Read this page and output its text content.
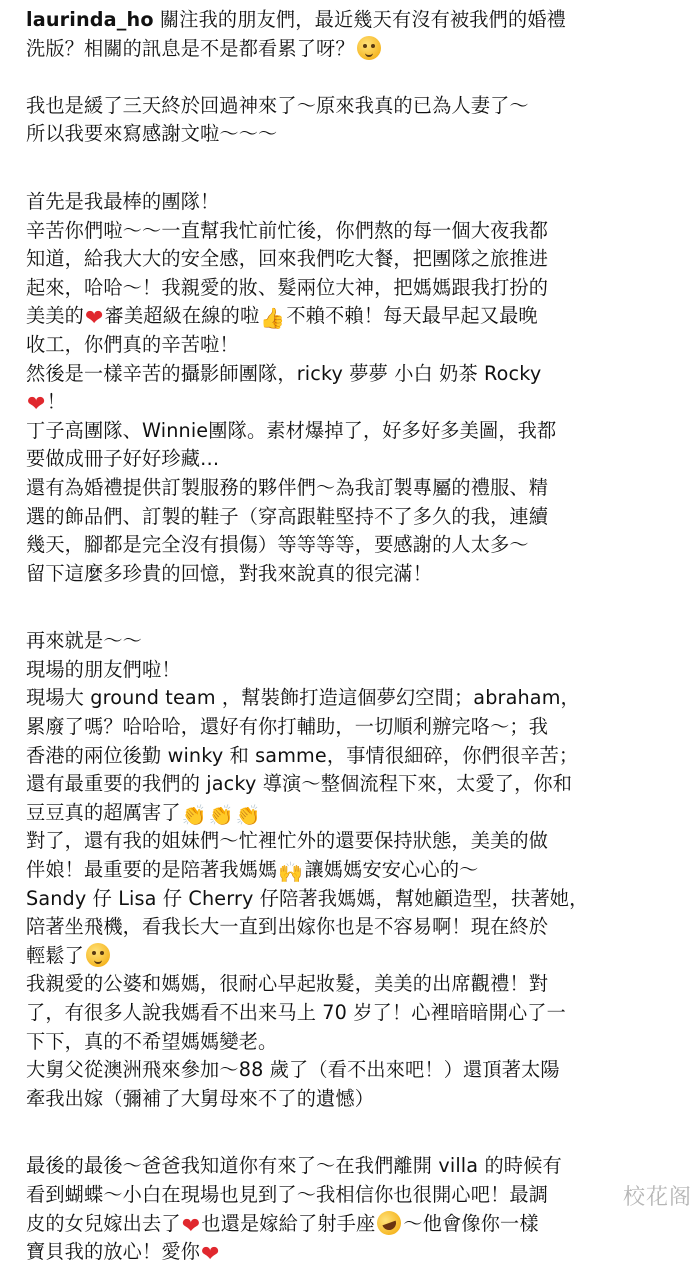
laurinda_ho 關注我的朋友們，最近幾天有沒有被我們的婚禮
洗版？相關的訊息是不是都看累了呀？
我也是緩了三天終於回過神來了～原來我真的已為人妻了～
所以我要來寫感謝文啦～～～
首先是我最棒的團隊！
辛苦你們啦～～一直幫我忙前忙後，你們熬的每一個大夜我都
知道，給我大大的安全感，回來我們吃大餐，把團隊之旅推进
起來，哈哈～！我親愛的妝、髮兩位大神，把媽媽跟我打扮的
美美的❤審美超級在線的啦👍不賴不賴！每天最早起又最晚
收工，你們真的辛苦啦！
然後是一樣辛苦的攝影師團隊，ricky 夢夢 小白 奶茶 Rocky
❤！
丁子高團隊、Winnie團隊。素材爆掉了，好多好多美圖，我都
要做成冊子好好珍藏…
還有為婚禮提供訂製服務的夥伴們～為我訂製專屬的禮服、精
選的飾品們、訂製的鞋子（穿高跟鞋堅持不了多久的我，連續
幾天，腳都是完全沒有損傷）等等等等，要感謝的人太多～
留下這麼多珍貴的回憶，對我來說真的很完滿！
再來就是～～
現場的朋友們啦！
現場大 ground team ，幫裝飾打造這個夢幻空間；abraham，
累廢了嗎？哈哈哈，還好有你打輔助，一切順利辦完咯～；我
香港的兩位後勤 winky 和 samme，事情很細碎，你們很辛苦；
還有最重要的我們的 jacky 導演～整個流程下來，太愛了，你和
豆豆真的超厲害了👏 👏 👏
對了，還有我的姐妹們～忙裡忙外的還要保持狀態，美美的做
伴娘！最重要的是陪著我媽媽🙌讓媽媽安安心心的～
Sandy 仔 Lisa 仔 Cherry 仔陪著我媽媽，幫她顧造型，扶著她，
陪著坐飛機，看我长大一直到出嫁你也是不容易啊！現在終於
輕鬆了
我親愛的公婆和媽媽，很耐心早起妝髮，美美的出席觀禮！對
了，有很多人說我媽看不出来马上 70 岁了！心裡暗暗開心了一
下下，真的不希望媽媽變老。
大舅父從澳洲飛來參加～88 歲了（看不出來吧！）還頂著太陽
牽我出嫁（彌補了大舅母來不了的遺憾）
最後的最後～爸爸我知道你有來了～在我們離開 villa 的時候有
看到蝴蝶～小白在現場也見到了～我相信你也很開心吧！最調
皮的女兒嫁出去了❤也還是嫁給了射手座 ～他會像你一樣
寶貝我的放心！愛你❤
校花阁
